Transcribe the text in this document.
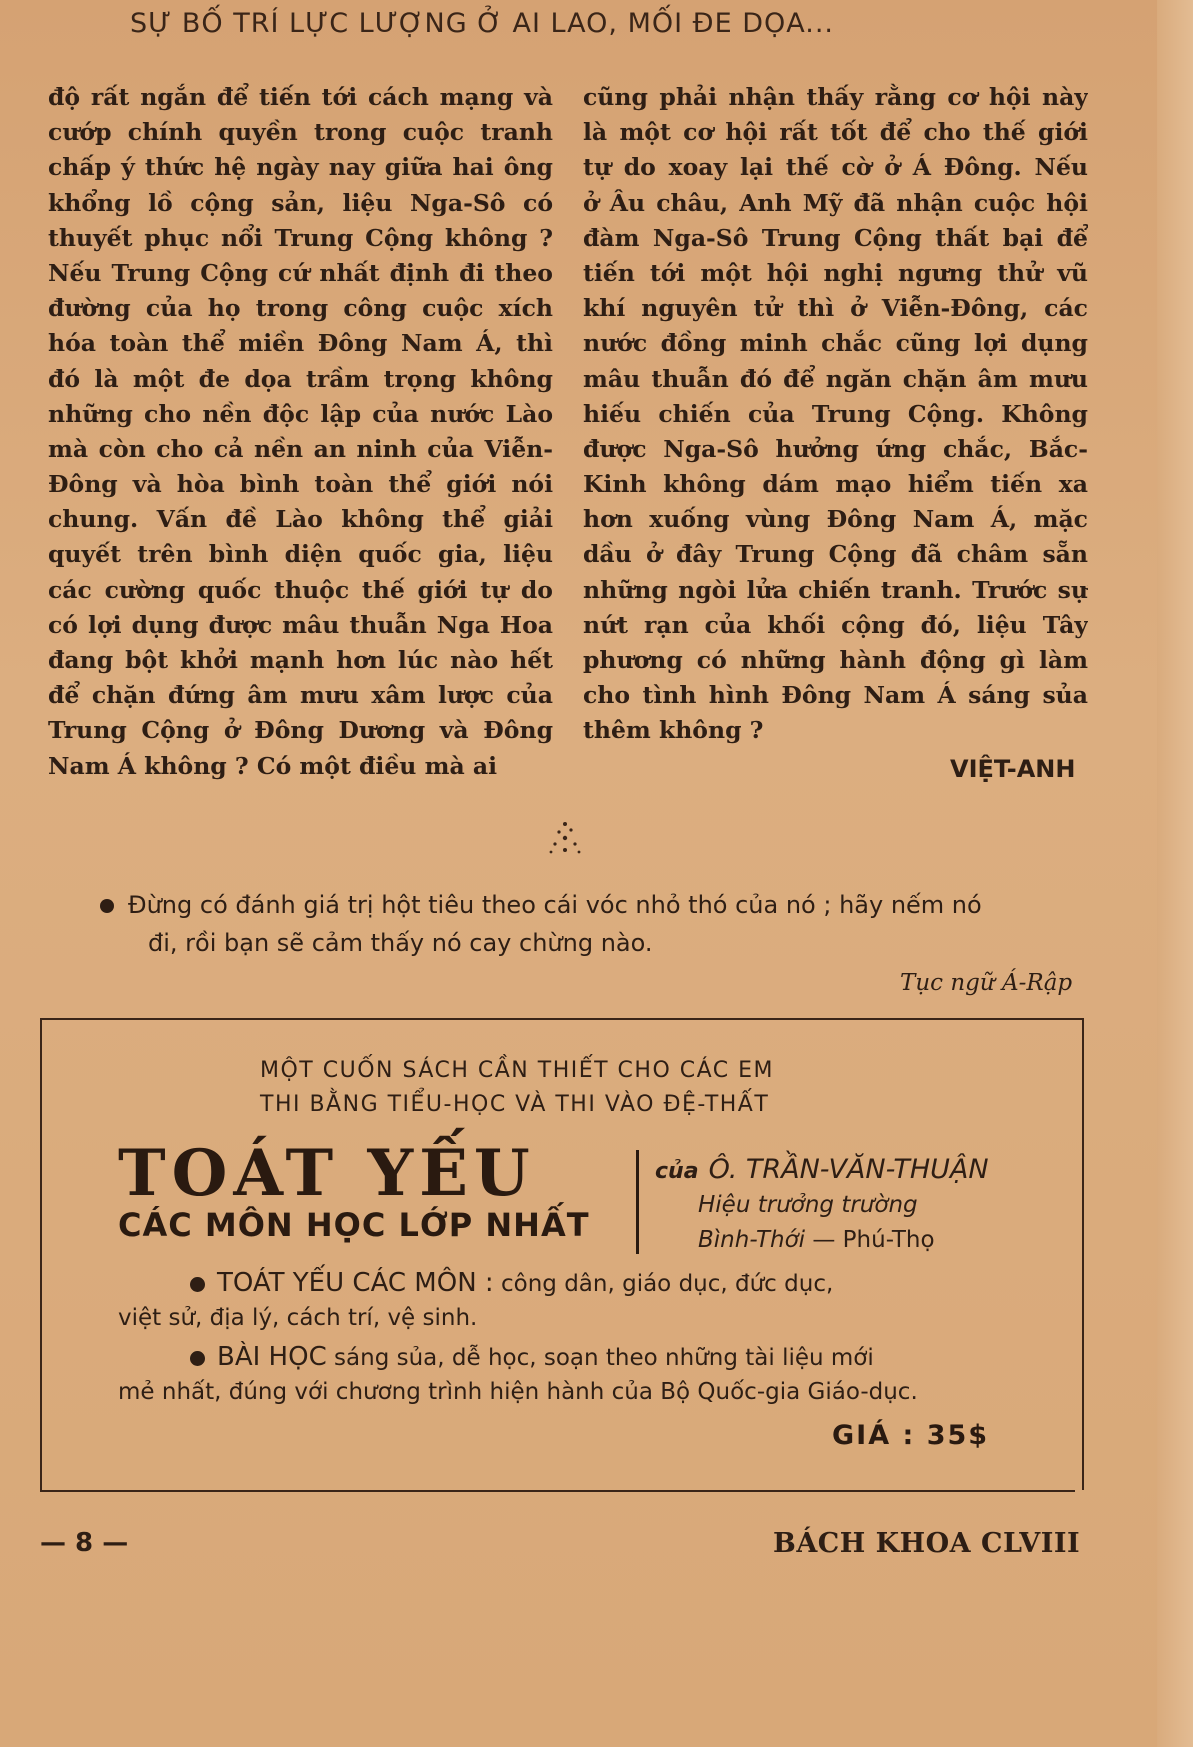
SỰ BỐ TRÍ LỰC LƯỢNG Ở AI LAO, MỐI ĐE DỌA...
độ rất ngắn để tiến tới cách mạng và
cướp chính quyền trong cuộc tranh
chấp ý thức hệ ngày nay giữa hai ông
khổng lồ cộng sản, liệu Nga-Sô có
thuyết phục nổi Trung Cộng không ?
Nếu Trung Cộng cứ nhất định đi theo
đường của họ trong công cuộc xích
hóa toàn thể miền Đông Nam Á, thì
đó là một đe dọa trầm trọng không
những cho nền độc lập của nước Lào
mà còn cho cả nền an ninh của Viễn-
Đông và hòa bình toàn thể giới nói
chung. Vấn đề Lào không thể giải
quyết trên bình diện quốc gia, liệu
các cường quốc thuộc thế giới tự do
có lợi dụng được mâu thuẫn Nga Hoa
đang bột khởi mạnh hơn lúc nào hết
để chặn đứng âm mưu xâm lược của
Trung Cộng ở Đông Dương và Đông
Nam Á không ? Có một điều mà ai
cũng phải nhận thấy rằng cơ hội này
là một cơ hội rất tốt để cho thế giới
tự do xoay lại thế cờ ở Á Đông. Nếu
ở Âu châu, Anh Mỹ đã nhận cuộc hội
đàm Nga-Sô Trung Cộng thất bại để
tiến tới một hội nghị ngưng thử vũ
khí nguyên tử thì ở Viễn-Đông, các
nước đồng minh chắc cũng lợi dụng
mâu thuẫn đó để ngăn chặn âm mưu
hiếu chiến của Trung Cộng. Không
được Nga-Sô hưởng ứng chắc, Bắc-
Kinh không dám mạo hiểm tiến xa
hơn xuống vùng Đông Nam Á, mặc
dầu ở đây Trung Cộng đã châm sẵn
những ngòi lửa chiến tranh. Trước sự
nứt rạn của khối cộng đó, liệu Tây
phương có những hành động gì làm
cho tình hình Đông Nam Á sáng sủa
thêm không ?
VIỆT-ANH
Đừng có đánh giá trị hột tiêu theo cái vóc nhỏ thó của nó ; hãy nếm nó
đi, rồi bạn sẽ cảm thấy nó cay chừng nào.
Tục ngữ Á-Rập
MỘT CUỐN SÁCH CẦN THIẾT CHO CÁC EM
THI BẰNG TIỂU-HỌC VÀ THI VÀO ĐỆ-THẤT
TOÁT YẾU
CÁC MÔN HỌC LỚP NHẤT
của Ô. TRẦN-VĂN-THUẬN
Hiệu trưởng trường
Bình-Thới — Phú-Thọ
TOÁT YẾU CÁC MÔN : công dân, giáo dục, đức dục,
việt sử, địa lý, cách trí, vệ sinh.
BÀI HỌC sáng sủa, dễ học, soạn theo những tài liệu mới
mẻ nhất, đúng với chương trình hiện hành của Bộ Quốc-gia Giáo-dục.
GIÁ : 35$
— 8 —	BÁCH KHOA CLVIII
